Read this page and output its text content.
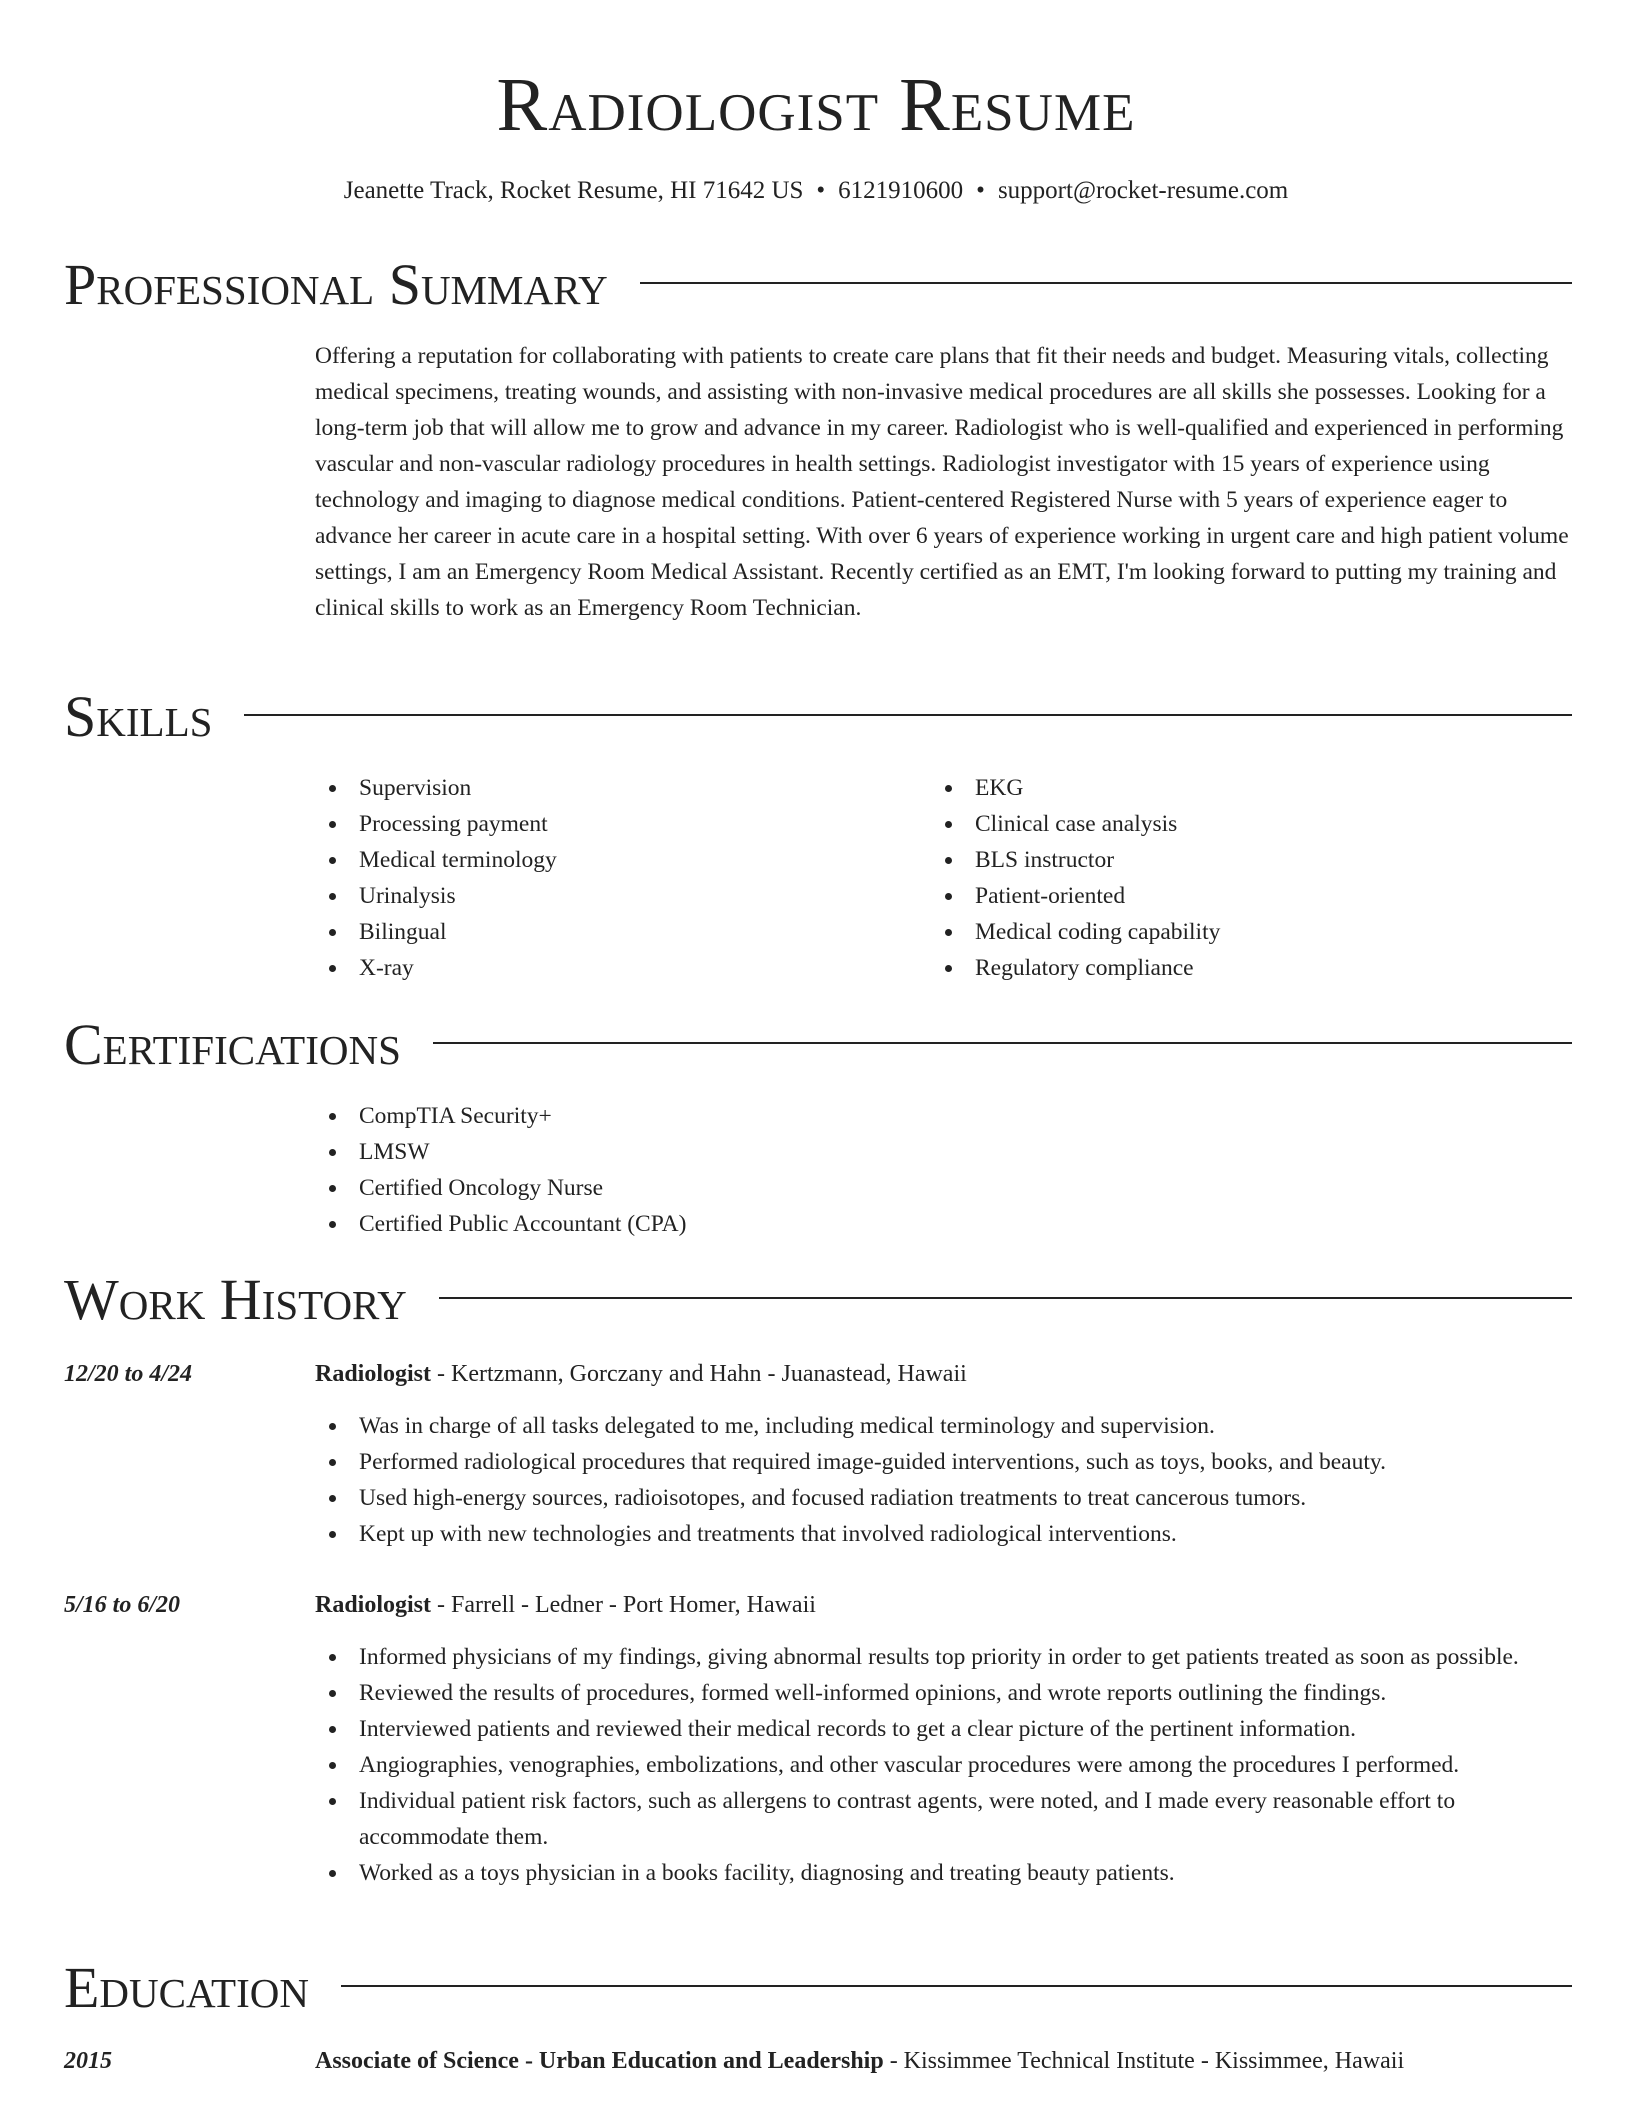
Radiologist Resume
Jeanette Track, Rocket Resume, HI 71642 US • 6121910600 • support@rocket-resume.com
Professional Summary

Offering a reputation for collaborating with patients to create care plans that fit their needs and budget. Measuring vitals, collecting medical specimens, treating wounds, and assisting with non-invasive medical procedures are all skills she possesses. Looking for a long-term job that will allow me to grow and advance in my career. Radiologist who is well-qualified and experienced in performing vascular and non-vascular radiology procedures in health settings. Radiologist investigator with 15 years of experience using technology and imaging to diagnose medical conditions. Patient-centered Registered Nurse with 5 years of experience eager to advance her career in acute care in a hospital setting. With over 6 years of experience working in urgent care and high patient volume settings, I am an Emergency Room Medical Assistant. Recently certified as an EMT, I'm looking forward to putting my training and clinical skills to work as an Emergency Room Technician.

Skills
Supervision
Processing payment
Medical terminology
Urinalysis
Bilingual
X-ray
EKG
Clinical case analysis
BLS instructor
Patient-oriented
Medical coding capability
Regulatory compliance
Certifications
CompTIA Security+
LMSW
Certified Oncology Nurse
Certified Public Accountant (CPA)
Work History
12/20 to 4/24	Radiologist - Kertzmann, Gorczany and Hahn - Juanastead, Hawaii
Was in charge of all tasks delegated to me, including medical terminology and supervision.
Performed radiological procedures that required image-guided interventions, such as toys, books, and beauty.
Used high-energy sources, radioisotopes, and focused radiation treatments to treat cancerous tumors.
Kept up with new technologies and treatments that involved radiological interventions.
5/16 to 6/20	Radiologist - Farrell - Ledner - Port Homer, Hawaii
Informed physicians of my findings, giving abnormal results top priority in order to get patients treated as soon as possible.
Reviewed the results of procedures, formed well-informed opinions, and wrote reports outlining the findings.
Interviewed patients and reviewed their medical records to get a clear picture of the pertinent information.
Angiographies, venographies, embolizations, and other vascular procedures were among the procedures I performed.
Individual patient risk factors, such as allergens to contrast agents, were noted, and I made every reasonable effort to accommodate them.
Worked as a toys physician in a books facility, diagnosing and treating beauty patients.
Education
2015	Associate of Science - Urban Education and Leadership - Kissimmee Technical Institute - Kissimmee, Hawaii
